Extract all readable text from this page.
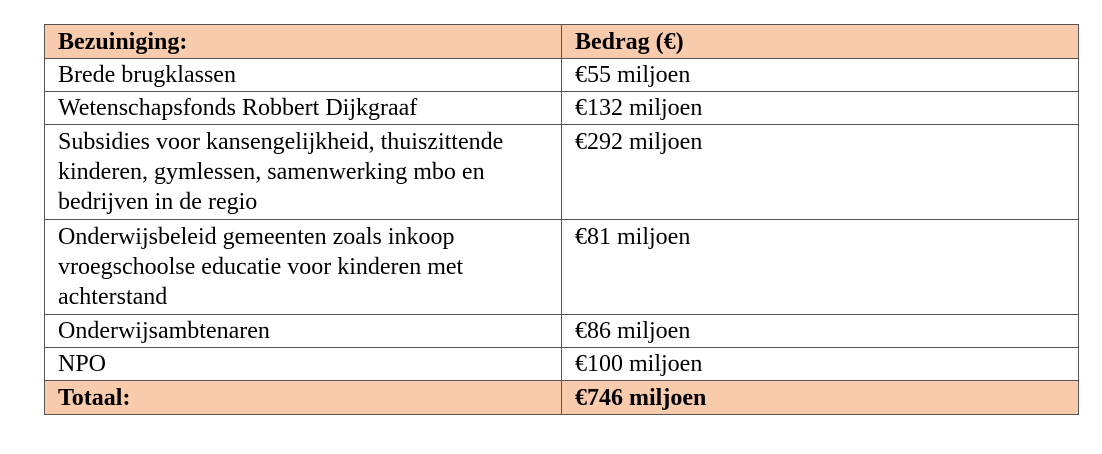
Bezuiniging:	Bedrag (€)
Brede brugklassen	€55 miljoen
Wetenschapsfonds Robbert Dijkgraaf	€132 miljoen
Subsidies voor kansengelijkheid, thuiszittende kinderen, gymlessen, samenwerking mbo en bedrijven in de regio	€292 miljoen
Onderwijsbeleid gemeenten zoals inkoop vroegschoolse educatie voor kinderen met achterstand	€81 miljoen
Onderwijsambtenaren	€86 miljoen
NPO	€100 miljoen
Totaal:	€746 miljoen
